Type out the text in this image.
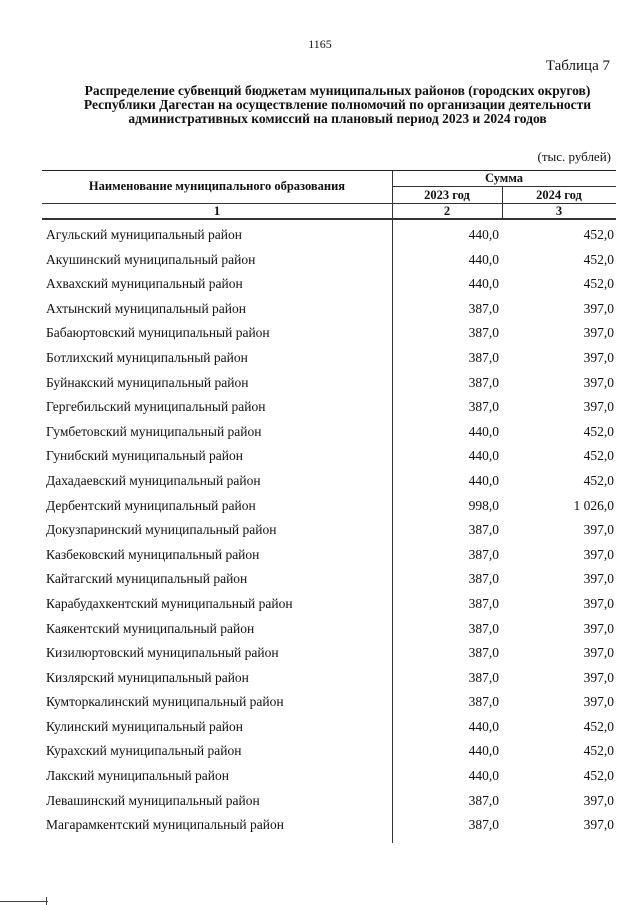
1165
Таблица 7
Распределение субвенций бюджетам муниципальных районов (городских округов)
Республики Дагестан на осуществление полномочий по организации деятельности
административных комиссий на плановый период 2023 и 2024 годов
(тыс. рублей)
Наименование муниципального образования
Сумма
2023 год	2024 год
1	2	3
Агульский муниципальный район	440,0	452,0
Акушинский муниципальный район	440,0	452,0
Ахвахский муниципальный район	440,0	452,0
Ахтынский муниципальный район	387,0	397,0
Бабаюртовский муниципальный район	387,0	397,0
Ботлихский муниципальный район	387,0	397,0
Буйнакский муниципальный район	387,0	397,0
Гергебильский муниципальный район	387,0	397,0
Гумбетовский муниципальный район	440,0	452,0
Гунибский муниципальный район	440,0	452,0
Дахадаевский муниципальный район	440,0	452,0
Дербентский муниципальный район	998,0	1 026,0
Докузпаринский муниципальный район	387,0	397,0
Казбековский муниципальный район	387,0	397,0
Кайтагский муниципальный район	387,0	397,0
Карабудахкентский муниципальный район	387,0	397,0
Каякентский муниципальный район	387,0	397,0
Кизилюртовский муниципальный район	387,0	397,0
Кизлярский муниципальный район	387,0	397,0
Кумторкалинский муниципальный район	387,0	397,0
Кулинский муниципальный район	440,0	452,0
Курахский муниципальный район	440,0	452,0
Лакский муниципальный район	440,0	452,0
Левашинский муниципальный район	387,0	397,0
Магарамкентский муниципальный район	387,0	397,0
